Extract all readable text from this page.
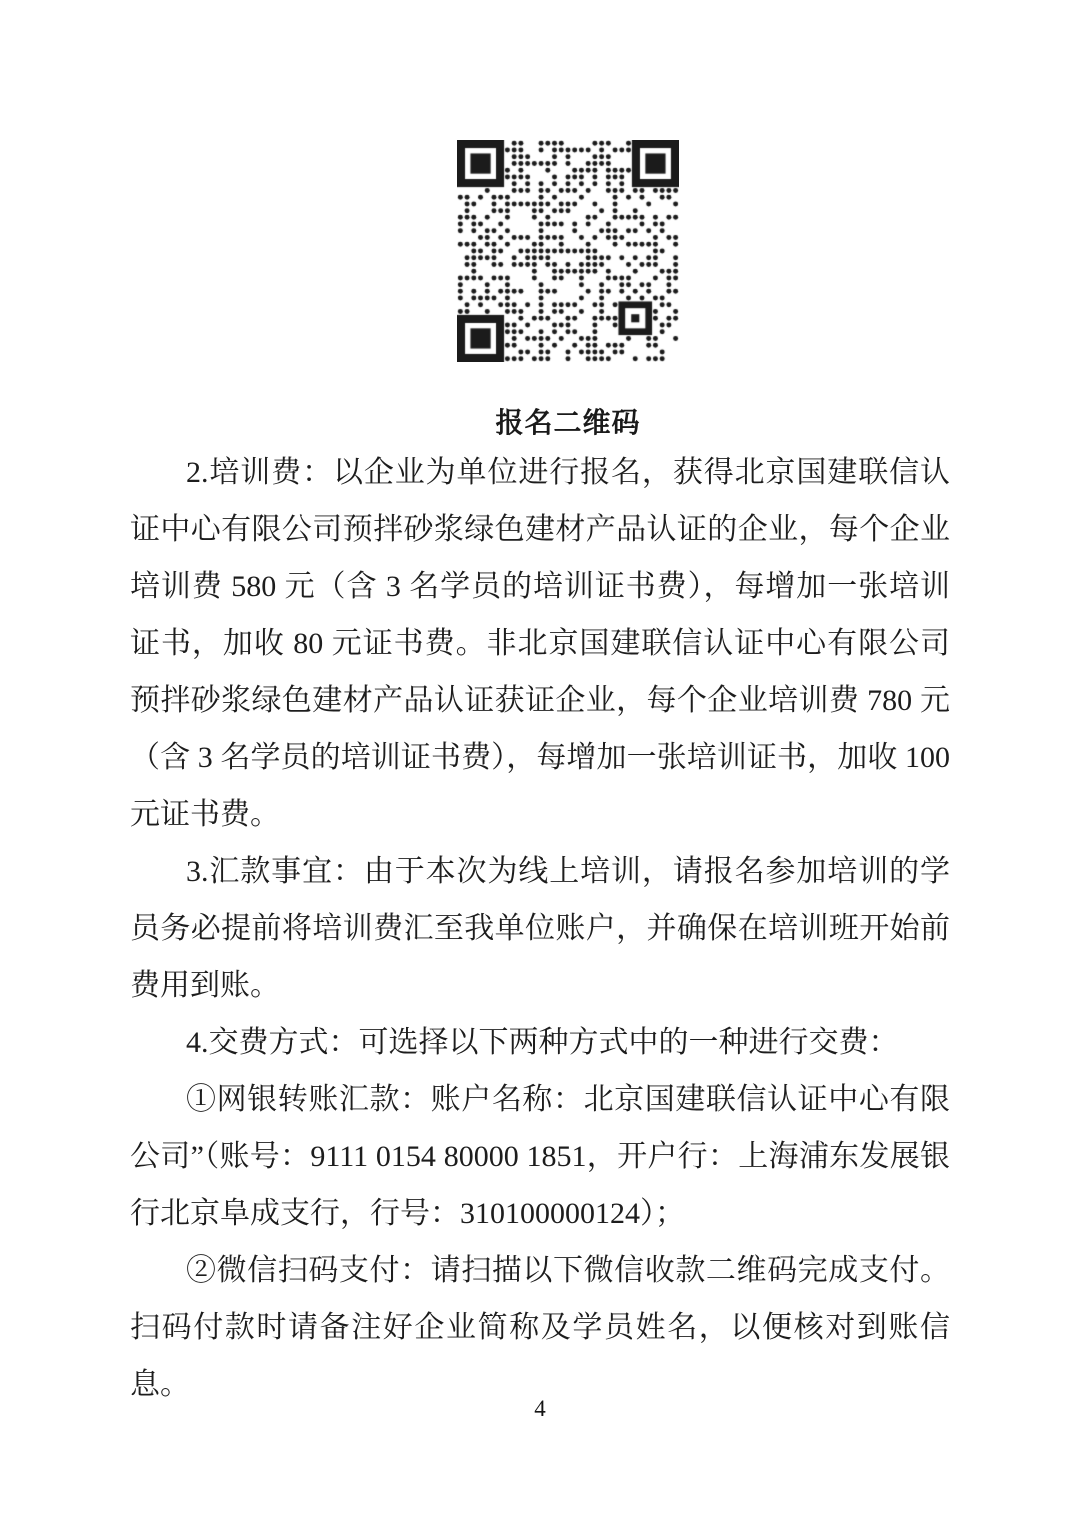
报名二维码

2.培训费：以企业为单位进行报名，获得北京国建联信认证中心有限公司预拌砂浆绿色建材产品认证的企业，每个企业培训费 580 元（含 3 名学员的培训证书费），每增加一张培训证书，加收 80 元证书费。非北京国建联信认证中心有限公司预拌砂浆绿色建材产品认证获证企业，每个企业培训费 780 元（含 3 名学员的培训证书费），每增加一张培训证书，加收 100 元证书费。

3.汇款事宜：由于本次为线上培训，请报名参加培训的学员务必提前将培训费汇至我单位账户，并确保在培训班开始前费用到账。

4.交费方式：可选择以下两种方式中的一种进行交费：

①网银转账汇款：账户名称：北京国建联信认证中心有限公司”（账号：9111 0154 80000 1851，开户行：上海浦东发展银行北京阜成支行，行号：310100000124）；

②微信扫码支付：请扫描以下微信收款二维码完成支付。扫码付款时请备注好企业简称及学员姓名，以便核对到账信息。

4
